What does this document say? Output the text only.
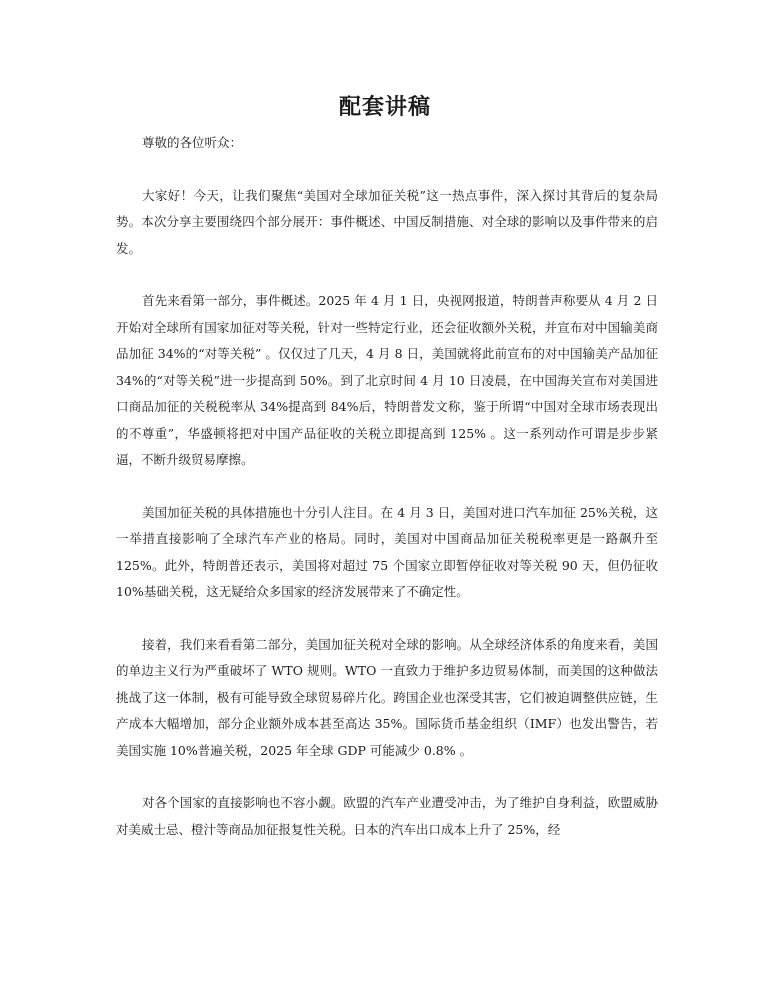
配套讲稿

尊敬的各位听众：

大家好！今天，让我们聚焦“美国对全球加征关税”这一热点事件，深入探讨其背后的复杂局势。本次分享主要围绕四个部分展开：事件概述、中国反制措施、对全球的影响以及事件带来的启发。

首先来看第一部分，事件概述。2025 年 4 月 1 日，央视网报道，特朗普声称要从 4 月 2 日开始对全球所有国家加征对等关税，针对一些特定行业，还会征收额外关税，并宣布对中国输美商品加征 34%的“对等关税” 。仅仅过了几天，4 月 8 日，美国就将此前宣布的对中国输美产品加征 34%的“对等关税”进一步提高到 50%。到了北京时间 4 月 10 日凌晨，在中国海关宣布对美国进口商品加征的关税税率从 34%提高到 84%后，特朗普发文称，鉴于所谓“中国对全球市场表现出的不尊重”，华盛顿将把对中国产品征收的关税立即提高到 125% 。这一系列动作可谓是步步紧逼，不断升级贸易摩擦。

美国加征关税的具体措施也十分引人注目。在 4 月 3 日，美国对进口汽车加征 25%关税，这一举措直接影响了全球汽车产业的格局。同时，美国对中国商品加征关税税率更是一路飙升至 125%。此外，特朗普还表示，美国将对超过 75 个国家立即暂停征收对等关税 90 天，但仍征收 10%基础关税，这无疑给众多国家的经济发展带来了不确定性。

接着，我们来看看第二部分，美国加征关税对全球的影响。从全球经济体系的角度来看，美国的单边主义行为严重破坏了 WTO 规则。WTO 一直致力于维护多边贸易体制，而美国的这种做法挑战了这一体制，极有可能导致全球贸易碎片化。跨国企业也深受其害，它们被迫调整供应链，生产成本大幅增加，部分企业额外成本甚至高达 35%。国际货币基金组织（IMF）也发出警告，若美国实施 10%普遍关税，2025 年全球 GDP 可能减少 0.8% 。

对各个国家的直接影响也不容小觑。欧盟的汽车产业遭受冲击，为了维护自身利益，欧盟威胁对美威士忌、橙汁等商品加征报复性关税。日本的汽车出口成本上升了 25%，经
